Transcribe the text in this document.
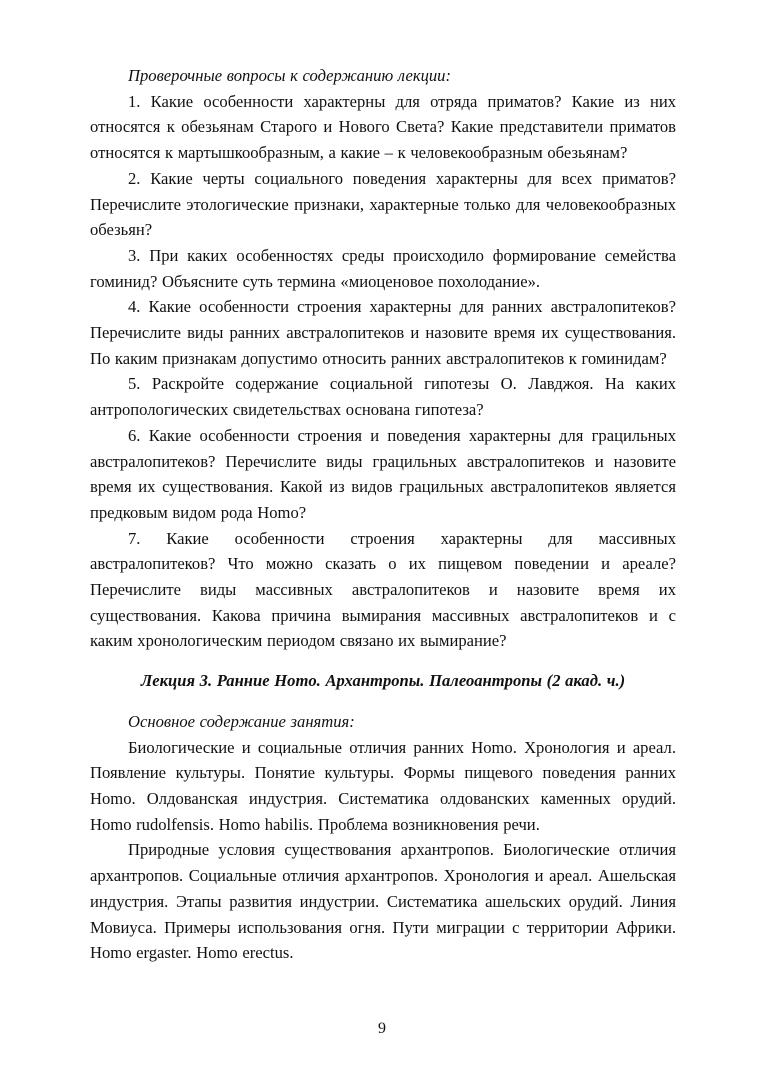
Проверочные вопросы к содержанию лекции:

1. Какие особенности характерны для отряда приматов? Какие из них относятся к обезьянам Старого и Нового Света? Какие представители приматов относятся к мартышкообразным, а какие – к человекообразным обезьянам?

2. Какие черты социального поведения характерны для всех приматов? Перечислите этологические признаки, характерные только для человекообразных обезьян?

3. При каких особенностях среды происходило формирование семейства гоминид? Объясните суть термина «миоценовое похолодание».

4. Какие особенности строения характерны для ранних австралопитеков? Перечислите виды ранних австралопитеков и назовите время их существования. По каким признакам допустимо относить ранних австралопитеков к гоминидам?

5. Раскройте содержание социальной гипотезы О. Лавджоя. На каких антропологических свидетельствах основана гипотеза?

6. Какие особенности строения и поведения характерны для грацильных австралопитеков? Перечислите виды грацильных австралопитеков и назовите время их существования. Какой из видов грацильных австралопитеков является предковым видом рода Homo?

7. Какие особенности строения характерны для массивных австралопитеков? Что можно сказать о их пищевом поведении и ареале? Перечислите виды массивных австралопитеков и назовите время их существования. Какова причина вымирания массивных австралопитеков и с каким хронологическим периодом связано их вымирание?

Лекция 3. Ранние Homo. Архантропы. Палеоантропы (2 акад. ч.)

Основное содержание занятия:

Биологические и социальные отличия ранних Homo. Хронология и ареал. Появление культуры. Понятие культуры. Формы пищевого поведения ранних Homo. Олдованская индустрия. Систематика олдованских каменных орудий. Homo rudolfensis. Homo habilis. Проблема возникновения речи.

Природные условия существования архантропов. Биологические отличия архантропов. Социальные отличия архантропов. Хронология и ареал. Ашельская индустрия. Этапы развития индустрии. Систематика ашельских орудий. Линия Мовиуса. Примеры использования огня. Пути миграции с территории Африки. Homo ergaster. Homo erectus.

9
